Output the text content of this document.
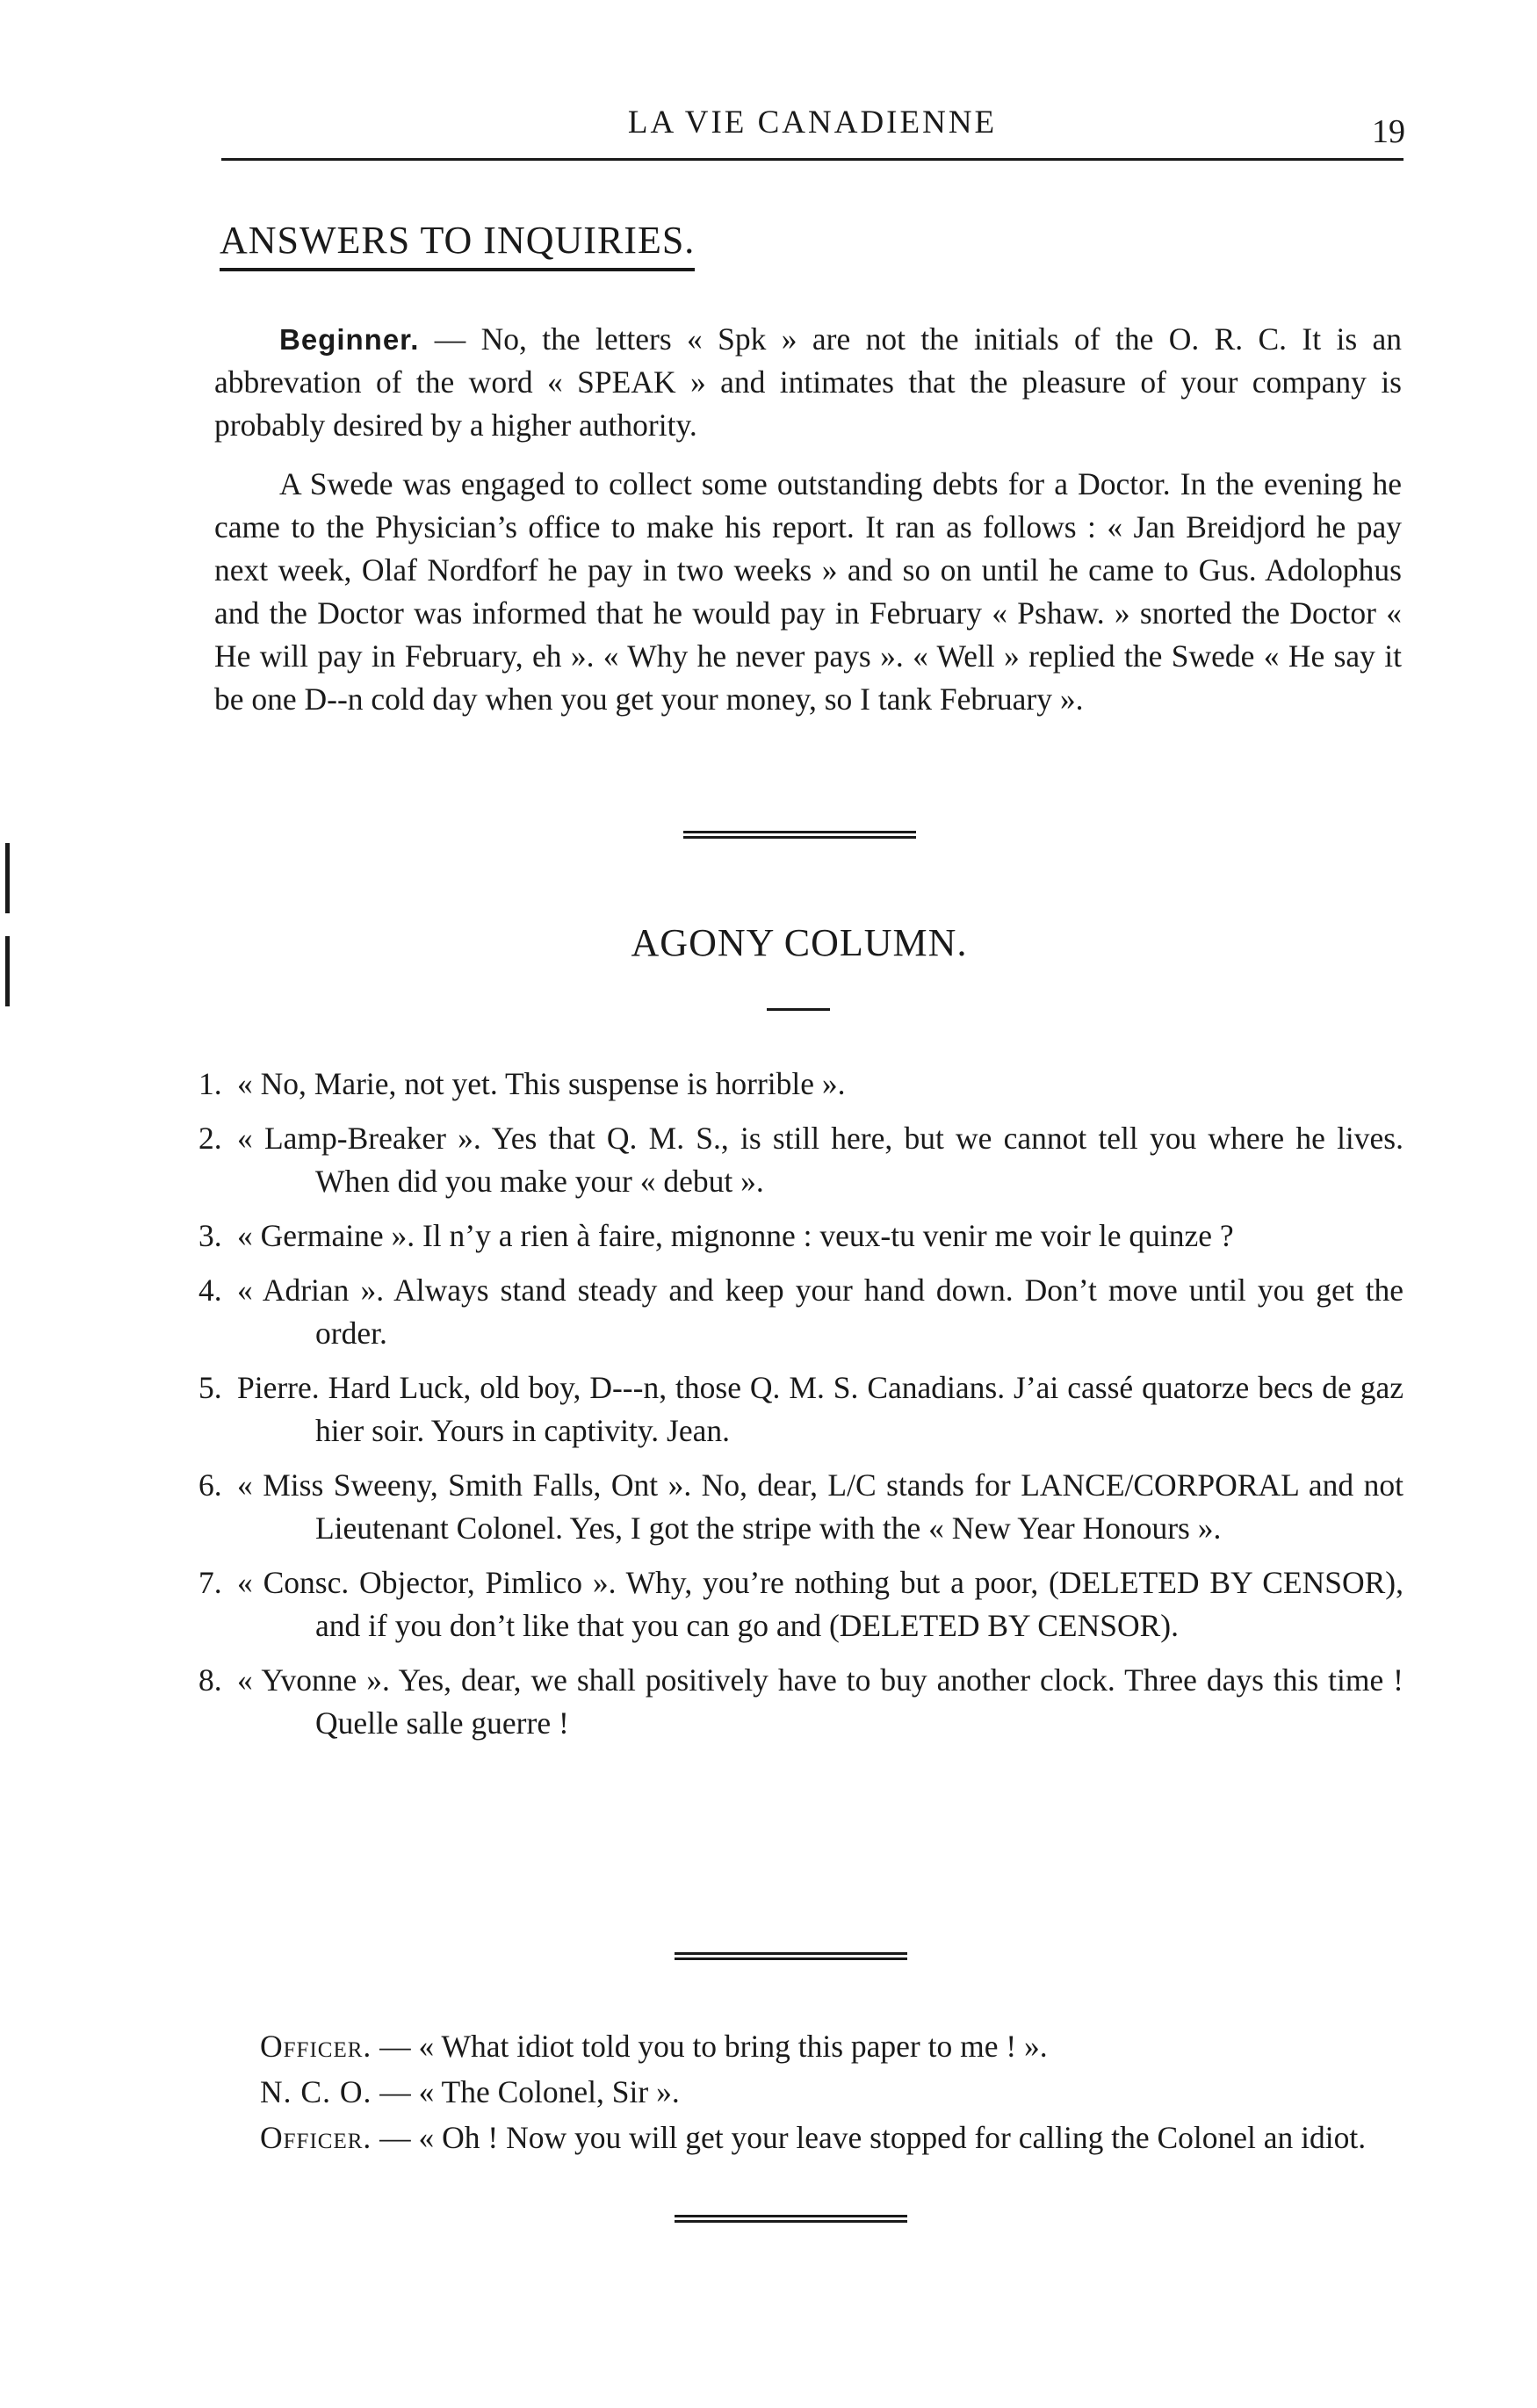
LA VIE CANADIENNE	19
ANSWERS TO INQUIRIES.

Beginner. — No, the letters « Spk » are not the initials of the O. R. C. It is an abbrevation of the word « SPEAK » and intimates that the pleasure of your company is probably desired by a higher authority.

A Swede was engaged to collect some outstanding debts for a Doctor. In the evening he came to the Physician’s office to make his report. It ran as follows : « Jan Breidjord he pay next week, Olaf Nordforf he pay in two weeks » and so on until he came to Gus. Adolophus and the Doctor was informed that he would pay in February « Pshaw. » snorted the Doctor « He will pay in February, eh ». « Why he never pays ». « Well » replied the Swede « He say it be one D--n cold day when you get your money, so I tank February ».

AGONY COLUMN.
1. « No, Marie, not yet. This suspense is horrible ».
2. « Lamp-Breaker ». Yes that Q. M. S., is still here, but we cannot tell you where he lives. When did you make your « debut ».
3. « Germaine ». Il n’y a rien à faire, mignonne : veux-tu venir me voir le quinze ?
4. « Adrian ». Always stand steady and keep your hand down. Don’t move until you get the order.
5. Pierre. Hard Luck, old boy, D---n, those Q. M. S. Canadians. J’ai cassé quatorze becs de gaz hier soir. Yours in captivity. Jean.
6. « Miss Sweeny, Smith Falls, Ont ». No, dear, L/C stands for LANCE/CORPORAL and not Lieutenant Colonel. Yes, I got the stripe with the « New Year Honours ».
7. « Consc. Objector, Pimlico ». Why, you’re nothing but a poor, (DELETED BY CENSOR), and if you don’t like that you can go and (DELETED BY CENSOR).
8. « Yvonne ». Yes, dear, we shall positively have to buy another clock. Three days this time ! Quelle salle guerre !

Officer. — « What idiot told you to bring this paper to me ! ».

N. C. O. — « The Colonel, Sir ».

Officer. — « Oh ! Now you will get your leave stopped for calling the Colonel an idiot.
